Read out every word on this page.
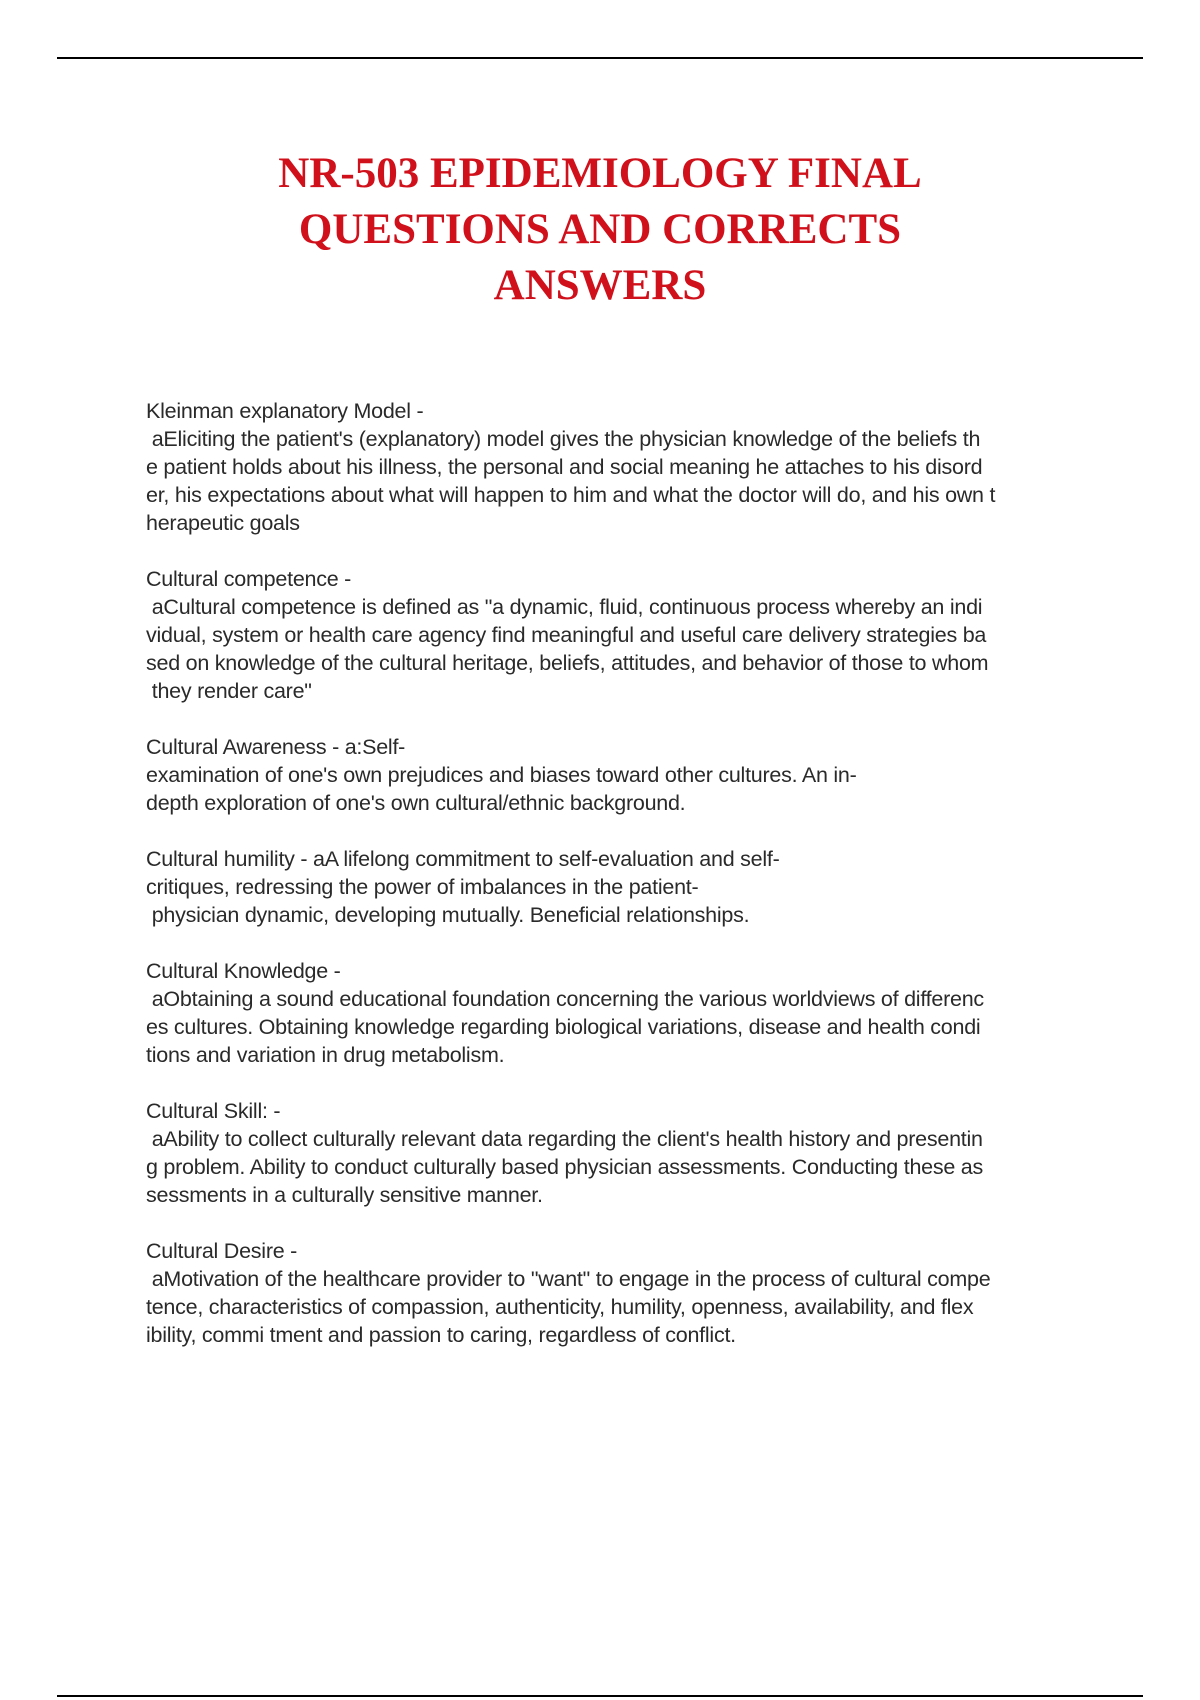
NR-503 EPIDEMIOLOGY FINAL
QUESTIONS AND CORRECTS
ANSWERS
Kleinman explanatory Model -
aEliciting the patient's (explanatory) model gives the physician knowledge of the beliefs th
e patient holds about his illness, the personal and social meaning he attaches to his disord
er, his expectations about what will happen to him and what the doctor will do, and his own t
herapeutic goals
Cultural competence -
aCultural competence is defined as "a dynamic, fluid, continuous process whereby an indi
vidual, system or health care agency find meaningful and useful care delivery strategies ba
sed on knowledge of the cultural heritage, beliefs, attitudes, and behavior of those to whom
they render care"
Cultural Awareness - a:Self-
examination of one's own prejudices and biases toward other cultures. An in-
depth exploration of one's own cultural/ethnic background.
Cultural humility - aA lifelong commitment to self-evaluation and self-
critiques, redressing the power of imbalances in the patient-
physician dynamic, developing mutually. Beneficial relationships.
Cultural Knowledge -
aObtaining a sound educational foundation concerning the various worldviews of differenc
es cultures. Obtaining knowledge regarding biological variations, disease and health condi
tions and variation in drug metabolism.
Cultural Skill: -
aAbility to collect culturally relevant data regarding the client's health history and presentin
g problem. Ability to conduct culturally based physician assessments. Conducting these as
sessments in a culturally sensitive manner.
Cultural Desire -
aMotivation of the healthcare provider to "want" to engage in the process of cultural compe
tence, characteristics of compassion, authenticity, humility, openness, availability, and flex
ibility, commi tment and passion to caring, regardless of conflict.
